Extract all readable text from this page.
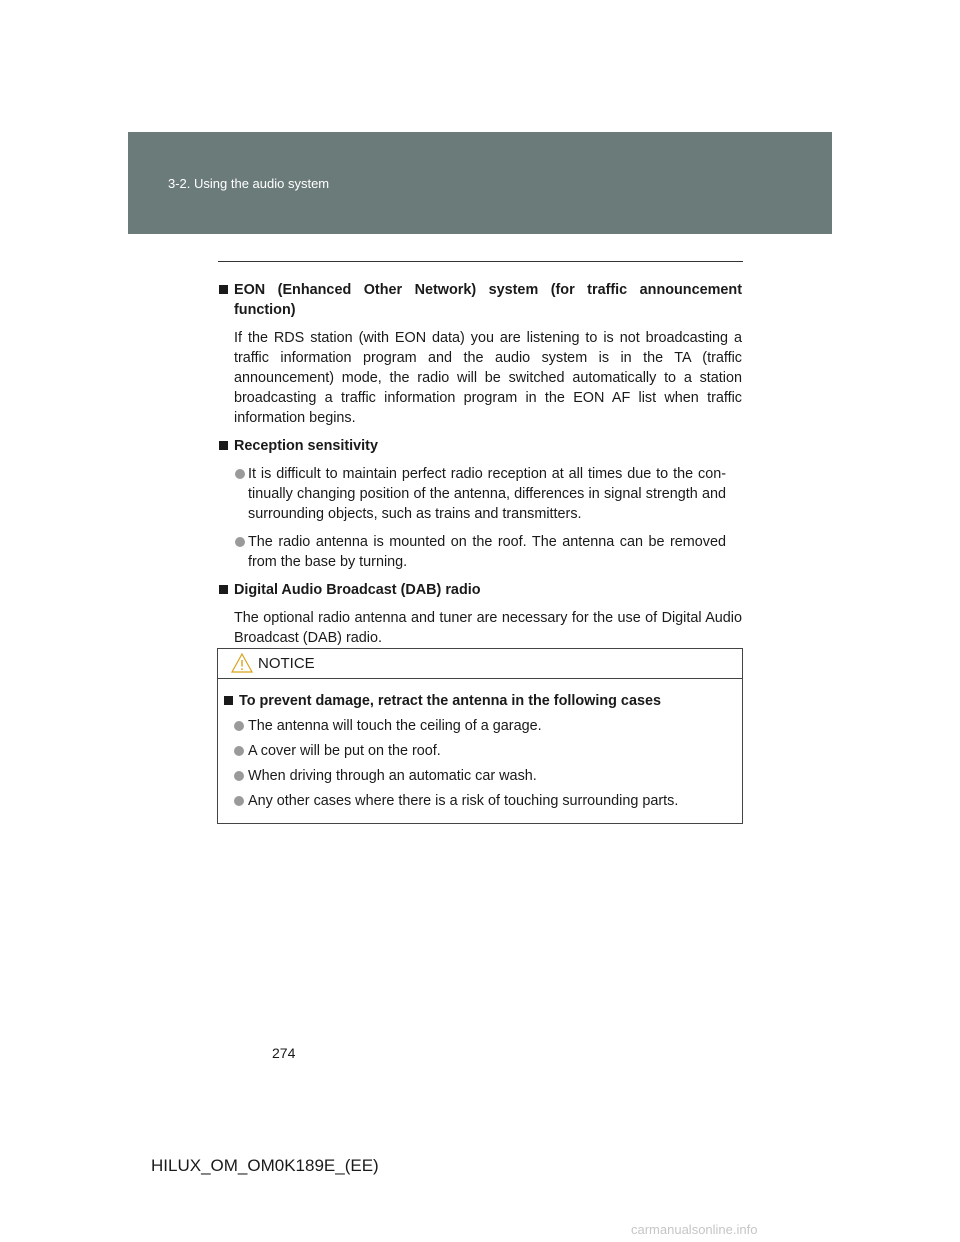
3-2. Using the audio system
EON (Enhanced Other Network) system (for traffic announcement function)
If the RDS station (with EON data) you are listening to is not broadcasting a traffic information program and the audio system is in the TA (traffic announcement) mode, the radio will be switched automatically to a station broadcasting a traffic information program in the EON AF list when traffic information begins.
Reception sensitivity
It is difficult to maintain perfect radio reception at all times due to the con-tinually changing position of the antenna, differences in signal strength and surrounding objects, such as trains and transmitters.
The radio antenna is mounted on the roof. The antenna can be removed from the base by turning.
Digital Audio Broadcast (DAB) radio
The optional radio antenna and tuner are necessary for the use of Digital Audio Broadcast (DAB) radio.
NOTICE
To prevent damage, retract the antenna in the following cases
The antenna will touch the ceiling of a garage.
A cover will be put on the roof.
When driving through an automatic car wash.
Any other cases where there is a risk of touching surrounding parts.
274
HILUX_OM_OM0K189E_(EE)
carmanualsonline.info
